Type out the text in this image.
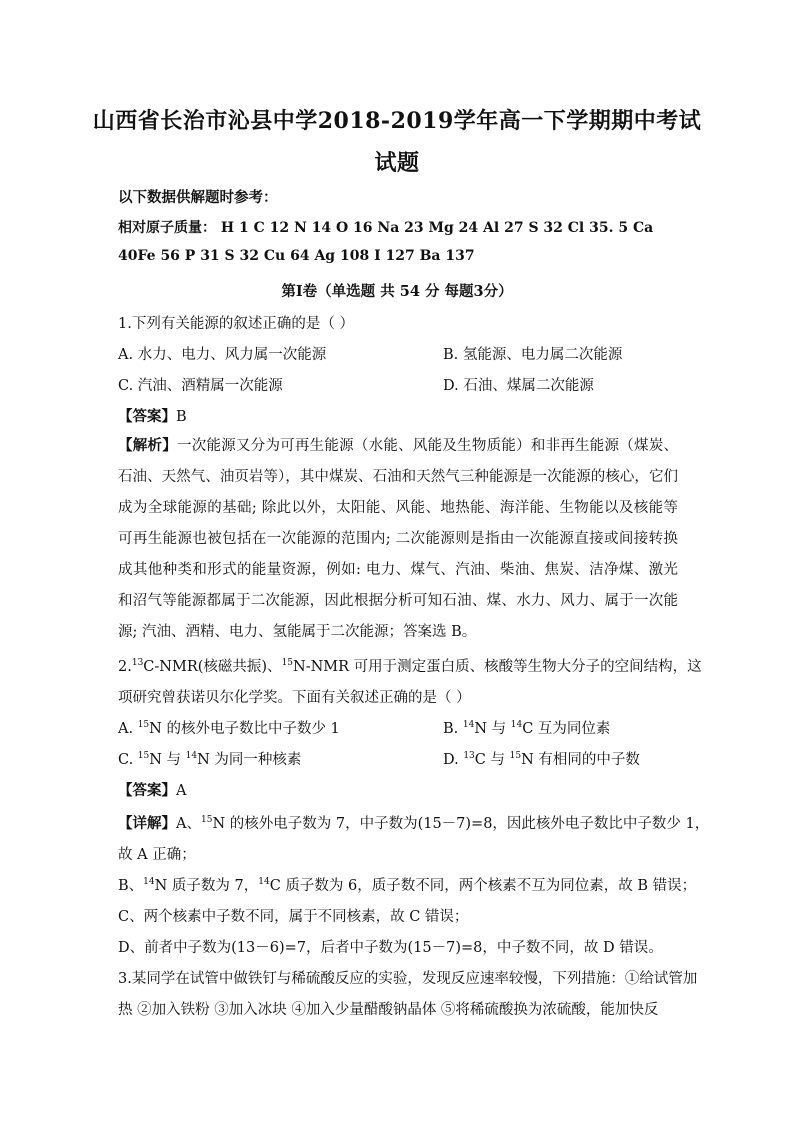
山西省长治市沁县中学2018-2019学年高一下学期期中考试
试题
以下数据供解题时参考：
相对原子质量： H 1 C 12 N 14 O 16 Na 23 Mg 24 Al 27 S 32 Cl 35. 5 Ca
40Fe 56 P 31 S 32 Cu 64 Ag 108 I 127 Ba 137
第Ⅰ卷（单选题 共 54 分 每题3分）
1.下列有关能源的叙述正确的是（ ）
A. 水力、电力、风力属一次能源	B. 氢能源、电力属二次能源
C. 汽油、酒精属一次能源	D. 石油、煤属二次能源
【答案】B
【解析】一次能源又分为可再生能源（水能、风能及生物质能）和非再生能源（煤炭、石油、天然气、油页岩等），其中煤炭、石油和天然气三种能源是一次能源的核心，它们成为全球能源的基础; 除此以外，太阳能、风能、地热能、海洋能、生物能以及核能等可再生能源也被包括在一次能源的范围内; 二次能源则是指由一次能源直接或间接转换成其他种类和形式的能量资源，例如: 电力、煤气、汽油、柴油、焦炭、洁净煤、激光和沼气等能源都属于二次能源，因此根据分析可知石油、煤、水力、风力、属于一次能源; 汽油、酒精、电力、氢能属于二次能源；答案选 B。
2.13C-NMR(核磁共振)、$^{15}$N-NMR 可用于测定蛋白质、核酸等生物大分子的空间结构，这
项研究曾获诺贝尔化学奖。下面有关叙述正确的是（ ）
A. $^{15}$N 的核外电子数比中子数少 1	B. $^{14}$N 与 $^{14}$C 互为同位素
C. $^{15}$N 与 $^{14}$N 为同一种核素	D. $^{13}$C 与 $^{15}$N 有相同的中子数
【答案】A
【详解】A、$^{15}$N 的核外电子数为 7，中子数为(15－7)=8，因此核外电子数比中子数少 1，
故 A 正确；
B、$^{14}$N 质子数为 7，$^{14}$C 质子数为 6，质子数不同，两个核素不互为同位素，故 B 错误；
C、两个核素中子数不同，属于不同核素，故 C 错误；
D、前者中子数为(13－6)=7，后者中子数为(15－7)=8，中子数不同，故 D 错误。
3.某同学在试管中做铁钉与稀硫酸反应的实验，发现反应速率较慢，下列措施：①给试管加
热 ②加入铁粉 ③加入冰块 ④加入少量醋酸钠晶体 ⑤将稀硫酸换为浓硫酸，能加快反
